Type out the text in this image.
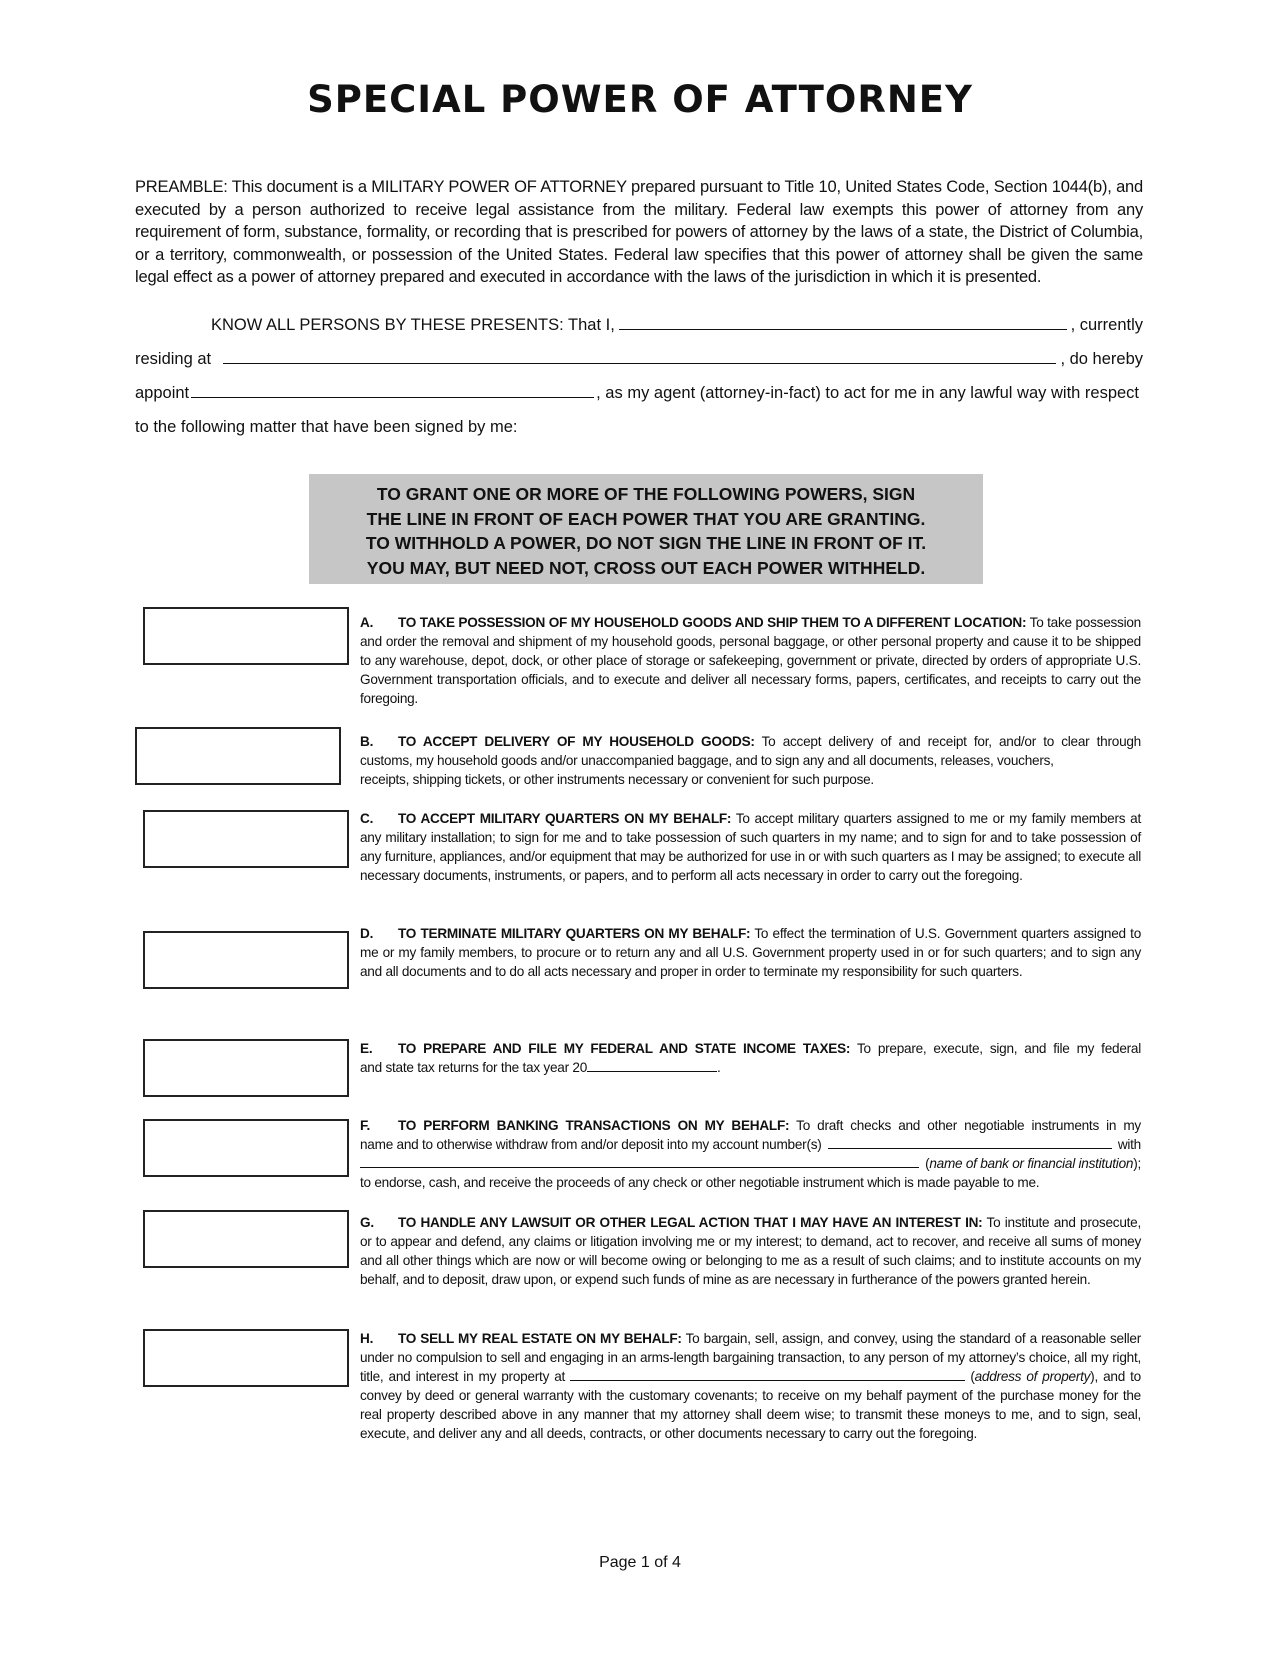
SPECIAL POWER OF ATTORNEY
PREAMBLE: This document is a MILITARY POWER OF ATTORNEY prepared pursuant to Title 10, United States Code, Section 1044(b), and executed by a person authorized to receive legal assistance from the military. Federal law exempts this power of attorney from any requirement of form, substance, formality, or recording that is prescribed for powers of attorney by the laws of a state, the District of Columbia, or a territory, commonwealth, or possession of the United States. Federal law specifies that this power of attorney shall be given the same legal effect as a power of attorney prepared and executed in accordance with the laws of the jurisdiction in which it is presented.
KNOW ALL PERSONS BY THESE PRESENTS: That I,	, currently
residing at	, do hereby
appoint	, as my agent (attorney-in-fact) to act for me in any lawful way with respect
to the following matter that have been signed by me:
TO GRANT ONE OR MORE OF THE FOLLOWING POWERS, SIGN
THE LINE IN FRONT OF EACH POWER THAT YOU ARE GRANTING.
TO WITHHOLD A POWER, DO NOT SIGN THE LINE IN FRONT OF IT.
YOU MAY, BUT NEED NOT, CROSS OUT EACH POWER WITHHELD.
A. TO TAKE POSSESSION OF MY HOUSEHOLD GOODS AND SHIP THEM TO A DIFFERENT LOCATION: To take possession and order the removal and shipment of my household goods, personal baggage, or other personal property and cause it to be shipped to any warehouse, depot, dock, or other place of storage or safekeeping, government or private, directed by orders of appropriate U.S. Government transportation officials, and to execute and deliver all necessary forms, papers, certificates, and receipts to carry out the foregoing.
B. TO ACCEPT DELIVERY OF MY HOUSEHOLD GOODS: To accept delivery of and receipt for, and/or to clear through
customs, my household goods and/or unaccompanied baggage, and to sign any and all documents, releases, vouchers,
receipts, shipping tickets, or other instruments necessary or convenient for such purpose.
C. TO ACCEPT MILITARY QUARTERS ON MY BEHALF: To accept military quarters assigned to me or my family members at any military installation; to sign for me and to take possession of such quarters in my name; and to sign for and to take possession of any furniture, appliances, and/or equipment that may be authorized for use in or with such quarters as I may be assigned; to execute all necessary documents, instruments, or papers, and to perform all acts necessary in order to carry out the foregoing.
D. TO TERMINATE MILITARY QUARTERS ON MY BEHALF: To effect the termination of U.S. Government quarters assigned to me or my family members, to procure or to return any and all U.S. Government property used in or for such quarters; and to sign any and all documents and to do all acts necessary and proper in order to terminate my responsibility for such quarters.
E. TO PREPARE AND FILE MY FEDERAL AND STATE INCOME TAXES: To prepare, execute, sign, and file my federal
and state tax returns for the tax year 20	.
F. TO PERFORM BANKING TRANSACTIONS ON MY BEHALF: To draft checks and other negotiable instruments in my
name and to otherwise withdraw from and/or deposit into my account number(s)	with
(name of bank or financial institution);
to endorse, cash, and receive the proceeds of any check or other negotiable instrument which is made payable to me.
G. TO HANDLE ANY LAWSUIT OR OTHER LEGAL ACTION THAT I MAY HAVE AN INTEREST IN: To institute and prosecute, or to appear and defend, any claims or litigation involving me or my interest; to demand, act to recover, and receive all sums of money and all other things which are now or will become owing or belonging to me as a result of such claims; and to institute accounts on my behalf, and to deposit, draw upon, or expend such funds of mine as are necessary in furtherance of the powers granted herein.
H. TO SELL MY REAL ESTATE ON MY BEHALF: To bargain, sell, assign, and convey, using the standard of a reasonable seller under no compulsion to sell and engaging in an arms-length bargaining transaction, to any person of my attorney’s choice, all my right, title, and interest in my property at	(address of property), and to convey by deed or general warranty with the customary covenants; to receive on my behalf payment of the purchase money for the real property described above in any manner that my attorney shall deem wise; to transmit these moneys to me, and to sign, seal, execute, and deliver any and all deeds, contracts, or other documents necessary to carry out the foregoing.
Page 1 of 4
